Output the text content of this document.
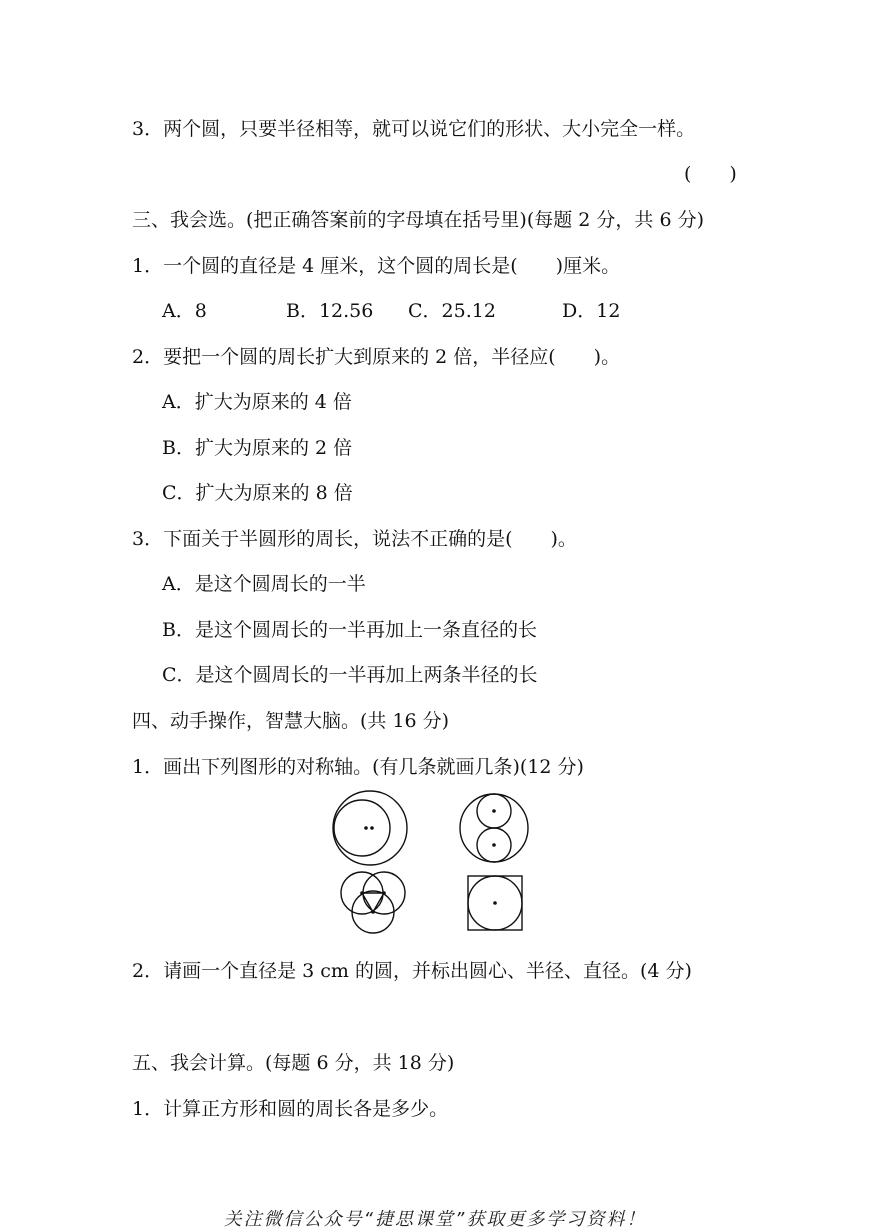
3．两个圆，只要半径相等，就可以说它们的形状、大小完全一样。
(　　)
三、我会选。(把正确答案前的字母填在括号里)(每题 2 分，共 6 分)
1．一个圆的直径是 4 厘米，这个圆的周长是(　　)厘米。
A．8	B．12.56 C．25.12	D．12
2．要把一个圆的周长扩大到原来的 2 倍，半径应(　　)。
A．扩大为原来的 4 倍
B．扩大为原来的 2 倍
C．扩大为原来的 8 倍
3．下面关于半圆形的周长，说法不正确的是(　　)。
A．是这个圆周长的一半
B．是这个圆周长的一半再加上一条直径的长
C．是这个圆周长的一半再加上两条半径的长
四、动手操作，智慧大脑。(共 16 分)
1．画出下列图形的对称轴。(有几条就画几条)(12 分)
2．请画一个直径是 3 cm 的圆，并标出圆心、半径、直径。(4 分)
五、我会计算。(每题 6 分，共 18 分)
1．计算正方形和圆的周长各是多少。
关注微信公众号“捷思课堂”获取更多学习资料！
